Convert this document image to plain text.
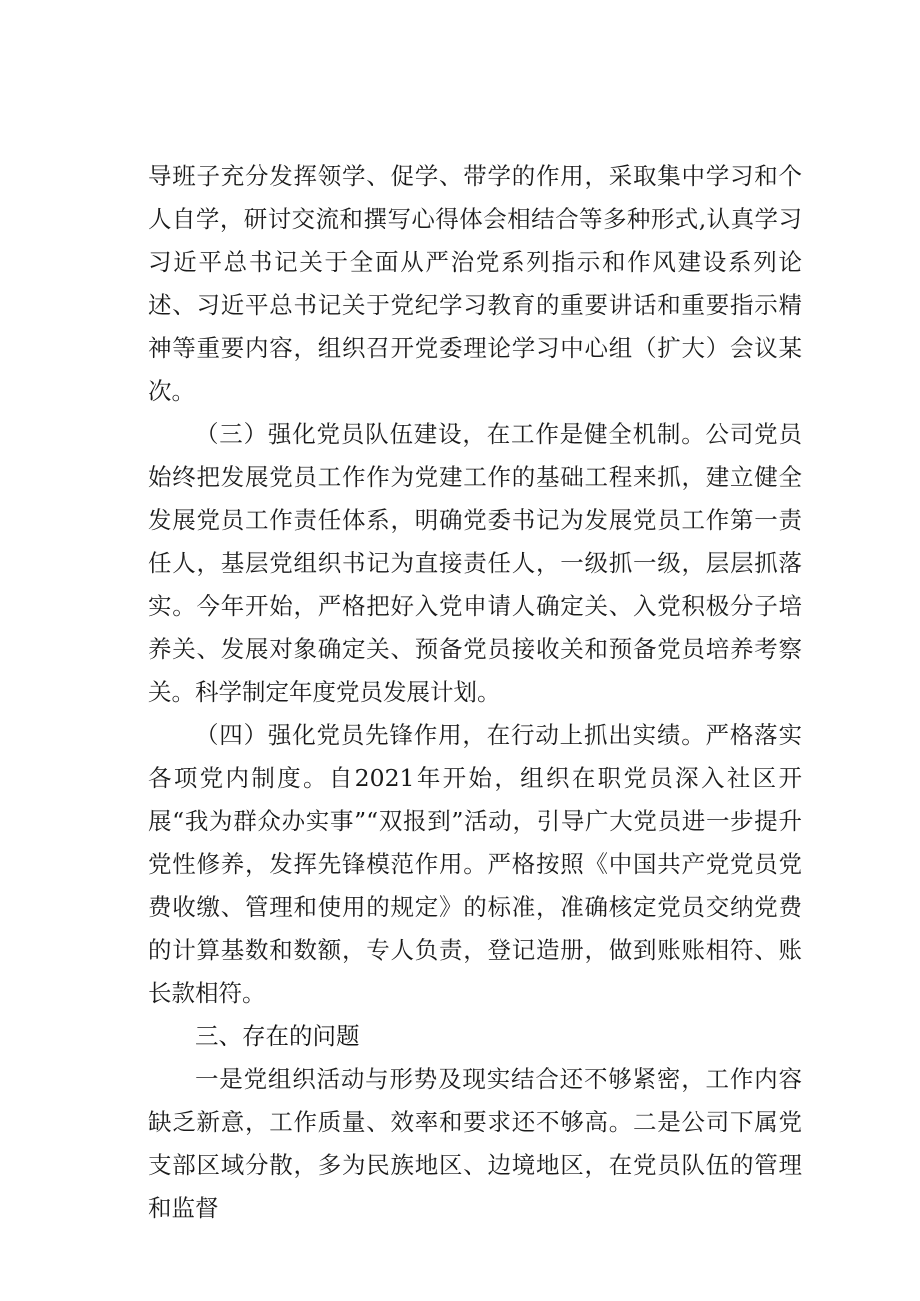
导班子充分发挥领学、促学、带学的作用，采取集中学习和个人自学，研讨交流和撰写心得体会相结合等多种形式,认真学习习近平总书记关于全面从严治党系列指示和作风建设系列论述、习近平总书记关于党纪学习教育的重要讲话和重要指示精神等重要内容，组织召开党委理论学习中心组（扩大）会议某次。

（三）强化党员队伍建设，在工作是健全机制。公司党员始终把发展党员工作作为党建工作的基础工程来抓，建立健全发展党员工作责任体系，明确党委书记为发展党员工作第一责任人，基层党组织书记为直接责任人，一级抓一级，层层抓落实。今年开始，严格把好入党申请人确定关、入党积极分子培养关、发展对象确定关、预备党员接收关和预备党员培养考察关。科学制定年度党员发展计划。

（四）强化党员先锋作用，在行动上抓出实绩。严格落实各项党内制度。自2021年开始，组织在职党员深入社区开展“我为群众办实事”“双报到”活动，引导广大党员进一步提升党性修养，发挥先锋模范作用。严格按照《中国共产党党员党费收缴、管理和使用的规定》的标准，准确核定党员交纳党费的计算基数和数额，专人负责，登记造册，做到账账相符、账长款相符。

三、存在的问题

一是党组织活动与形势及现实结合还不够紧密，工作内容缺乏新意，工作质量、效率和要求还不够高。二是公司下属党支部区域分散，多为民族地区、边境地区，在党员队伍的管理和监督
